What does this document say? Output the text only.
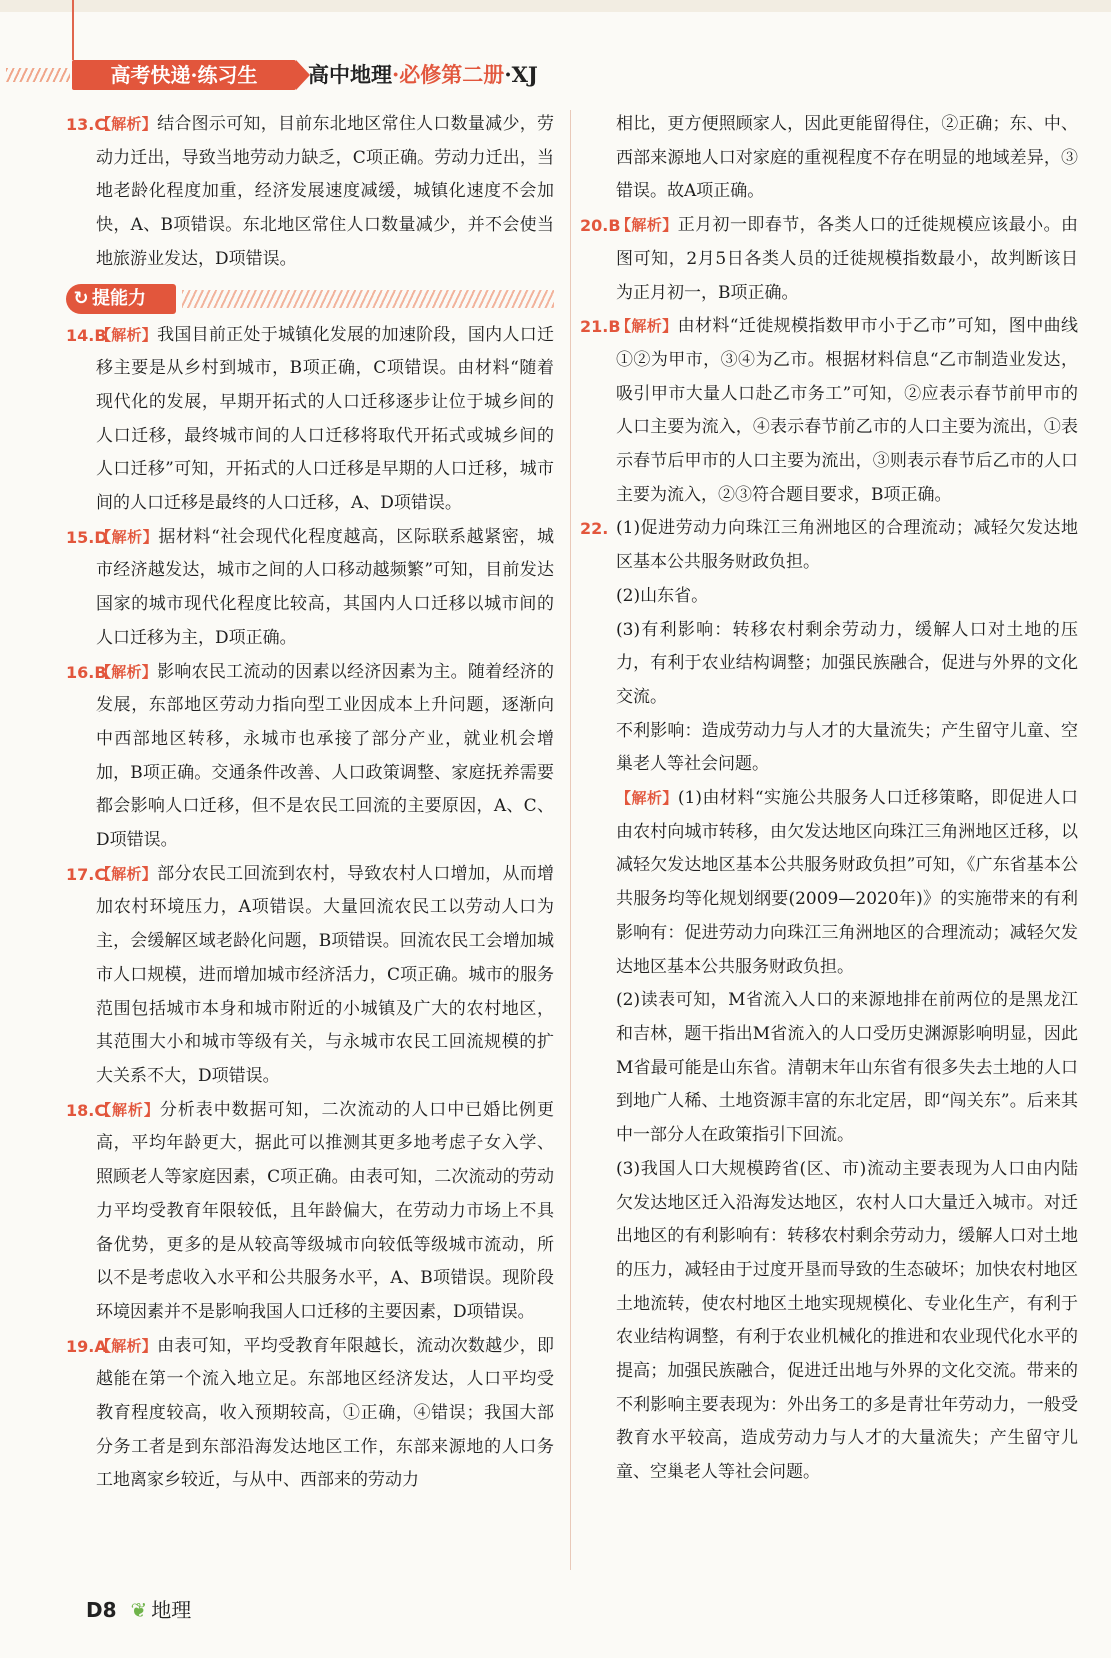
高考快递·练习生	高中地理·必修第二册·XJ
13.C
【解析】结合图示可知，目前东北地区常住人口数量减少，劳动力迁出，导致当地劳动力缺乏，C项正确。劳动力迁出，当地老龄化程度加重，经济发展速度减缓，城镇化速度不会加快，A、B项错误。东北地区常住人口数量减少，并不会使当地旅游业发达，D项错误。
↻ 提能力
14.B
【解析】我国目前正处于城镇化发展的加速阶段，国内人口迁移主要是从乡村到城市，B项正确，C项错误。由材料“随着现代化的发展，早期开拓式的人口迁移逐步让位于城乡间的人口迁移，最终城市间的人口迁移将取代开拓式或城乡间的人口迁移”可知，开拓式的人口迁移是早期的人口迁移，城市间的人口迁移是最终的人口迁移，A、D项错误。
15.D
【解析】据材料“社会现代化程度越高，区际联系越紧密，城市经济越发达，城市之间的人口移动越频繁”可知，目前发达国家的城市现代化程度比较高，其国内人口迁移以城市间的人口迁移为主，D项正确。
16.B
【解析】影响农民工流动的因素以经济因素为主。随着经济的发展，东部地区劳动力指向型工业因成本上升问题，逐渐向中西部地区转移，永城市也承接了部分产业，就业机会增加，B项正确。交通条件改善、人口政策调整、家庭抚养需要都会影响人口迁移，但不是农民工回流的主要原因，A、C、D项错误。
17.C
【解析】部分农民工回流到农村，导致农村人口增加，从而增加农村环境压力，A项错误。大量回流农民工以劳动人口为主，会缓解区域老龄化问题，B项错误。回流农民工会增加城市人口规模，进而增加城市经济活力，C项正确。城市的服务范围包括城市本身和城市附近的小城镇及广大的农村地区，其范围大小和城市等级有关，与永城市农民工回流规模的扩大关系不大，D项错误。
18.C
【解析】分析表中数据可知，二次流动的人口中已婚比例更高，平均年龄更大，据此可以推测其更多地考虑子女入学、照顾老人等家庭因素，C项正确。由表可知，二次流动的劳动力平均受教育年限较低，且年龄偏大，在劳动力市场上不具备优势，更多的是从较高等级城市向较低等级城市流动，所以不是考虑收入水平和公共服务水平，A、B项错误。现阶段环境因素并不是影响我国人口迁移的主要因素，D项错误。
19.A
【解析】由表可知，平均受教育年限越长，流动次数越少，即越能在第一个流入地立足。东部地区经济发达，人口平均受教育程度较高，收入预期较高，①正确，④错误；我国大部分务工者是到东部沿海发达地区工作，东部来源地的人口务工地离家乡较近，与从中、西部来的劳动力
相比，更方便照顾家人，因此更能留得住，②正确；东、中、西部来源地人口对家庭的重视程度不存在明显的地域差异，③错误。故A项正确。
20.B
【解析】正月初一即春节，各类人口的迁徙规模应该最小。由图可知，2月5日各类人员的迁徙规模指数最小，故判断该日为正月初一，B项正确。
21.B
【解析】由材料“迁徙规模指数甲市小于乙市”可知，图中曲线①②为甲市，③④为乙市。根据材料信息“乙市制造业发达，吸引甲市大量人口赴乙市务工”可知，②应表示春节前甲市的人口主要为流入，④表示春节前乙市的人口主要为流出，①表示春节后甲市的人口主要为流出，③则表示春节后乙市的人口主要为流入，②③符合题目要求，B项正确。
22. (1)促进劳动力向珠江三角洲地区的合理流动；减轻欠发达地区基本公共服务财政负担。
(2)山东省。
(3)有利影响：转移农村剩余劳动力，缓解人口对土地的压力，有利于农业结构调整；加强民族融合，促进与外界的文化交流。
不利影响：造成劳动力与人才的大量流失；产生留守儿童、空巢老人等社会问题。
【解析】(1)由材料“实施公共服务人口迁移策略，即促进人口由农村向城市转移，由欠发达地区向珠江三角洲地区迁移，以减轻欠发达地区基本公共服务财政负担”可知，《广东省基本公共服务均等化规划纲要(2009—2020年)》的实施带来的有利影响有：促进劳动力向珠江三角洲地区的合理流动；减轻欠发达地区基本公共服务财政负担。
(2)读表可知，M省流入人口的来源地排在前两位的是黑龙江和吉林，题干指出M省流入的人口受历史渊源影响明显，因此M省最可能是山东省。清朝末年山东省有很多失去土地的人口到地广人稀、土地资源丰富的东北定居，即“闯关东”。后来其中一部分人在政策指引下回流。
(3)我国人口大规模跨省(区、市)流动主要表现为人口由内陆欠发达地区迁入沿海发达地区，农村人口大量迁入城市。对迁出地区的有利影响有：转移农村剩余劳动力，缓解人口对土地的压力，减轻由于过度开垦而导致的生态破坏；加快农村地区土地流转，使农村地区土地实现规模化、专业化生产，有利于农业结构调整，有利于农业机械化的推进和农业现代化水平的提高；加强民族融合，促进迁出地与外界的文化交流。带来的不利影响主要表现为：外出务工的多是青壮年劳动力，一般受教育水平较高，造成劳动力与人才的大量流失；产生留守儿童、空巢老人等社会问题。
D8 ❦ 地理
